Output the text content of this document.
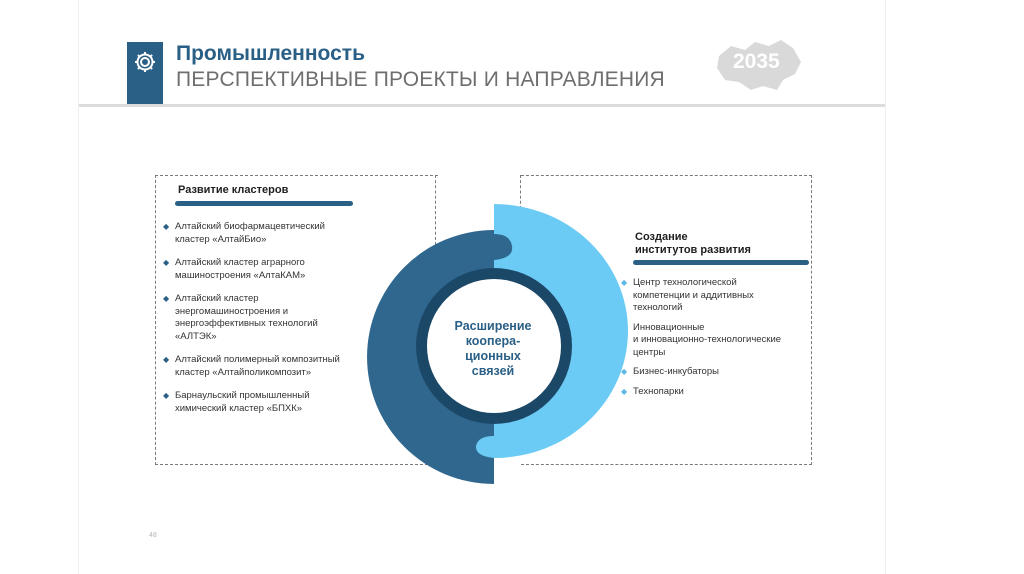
Промышленность
ПЕРСПЕКТИВНЫЕ ПРОЕКТЫ И НАПРАВЛЕНИЯ
2035
Развитие кластеров
◆ Алтайский биофармацевтический
кластер «АлтайБио»
◆ Алтайский кластер аграрного
машиностроения «АлтаКАМ»
◆ Алтайский кластер
энергомашиностроения и
энергоэффективных технологий
«АЛТЭК»
◆ Алтайский полимерный композитный
кластер «Алтайполикомпозит»
◆ Барнаульский промышленный
химический кластер «БПХК»
Создание
институтов развития
◆ Центр технологической
компетенции и аддитивных
технологий
Инновационные
и инновационно-технологические
центры
◆ Бизнес-инкубаторы
◆ Технопарки
Расширение
коопера-
ционных
связей
48
